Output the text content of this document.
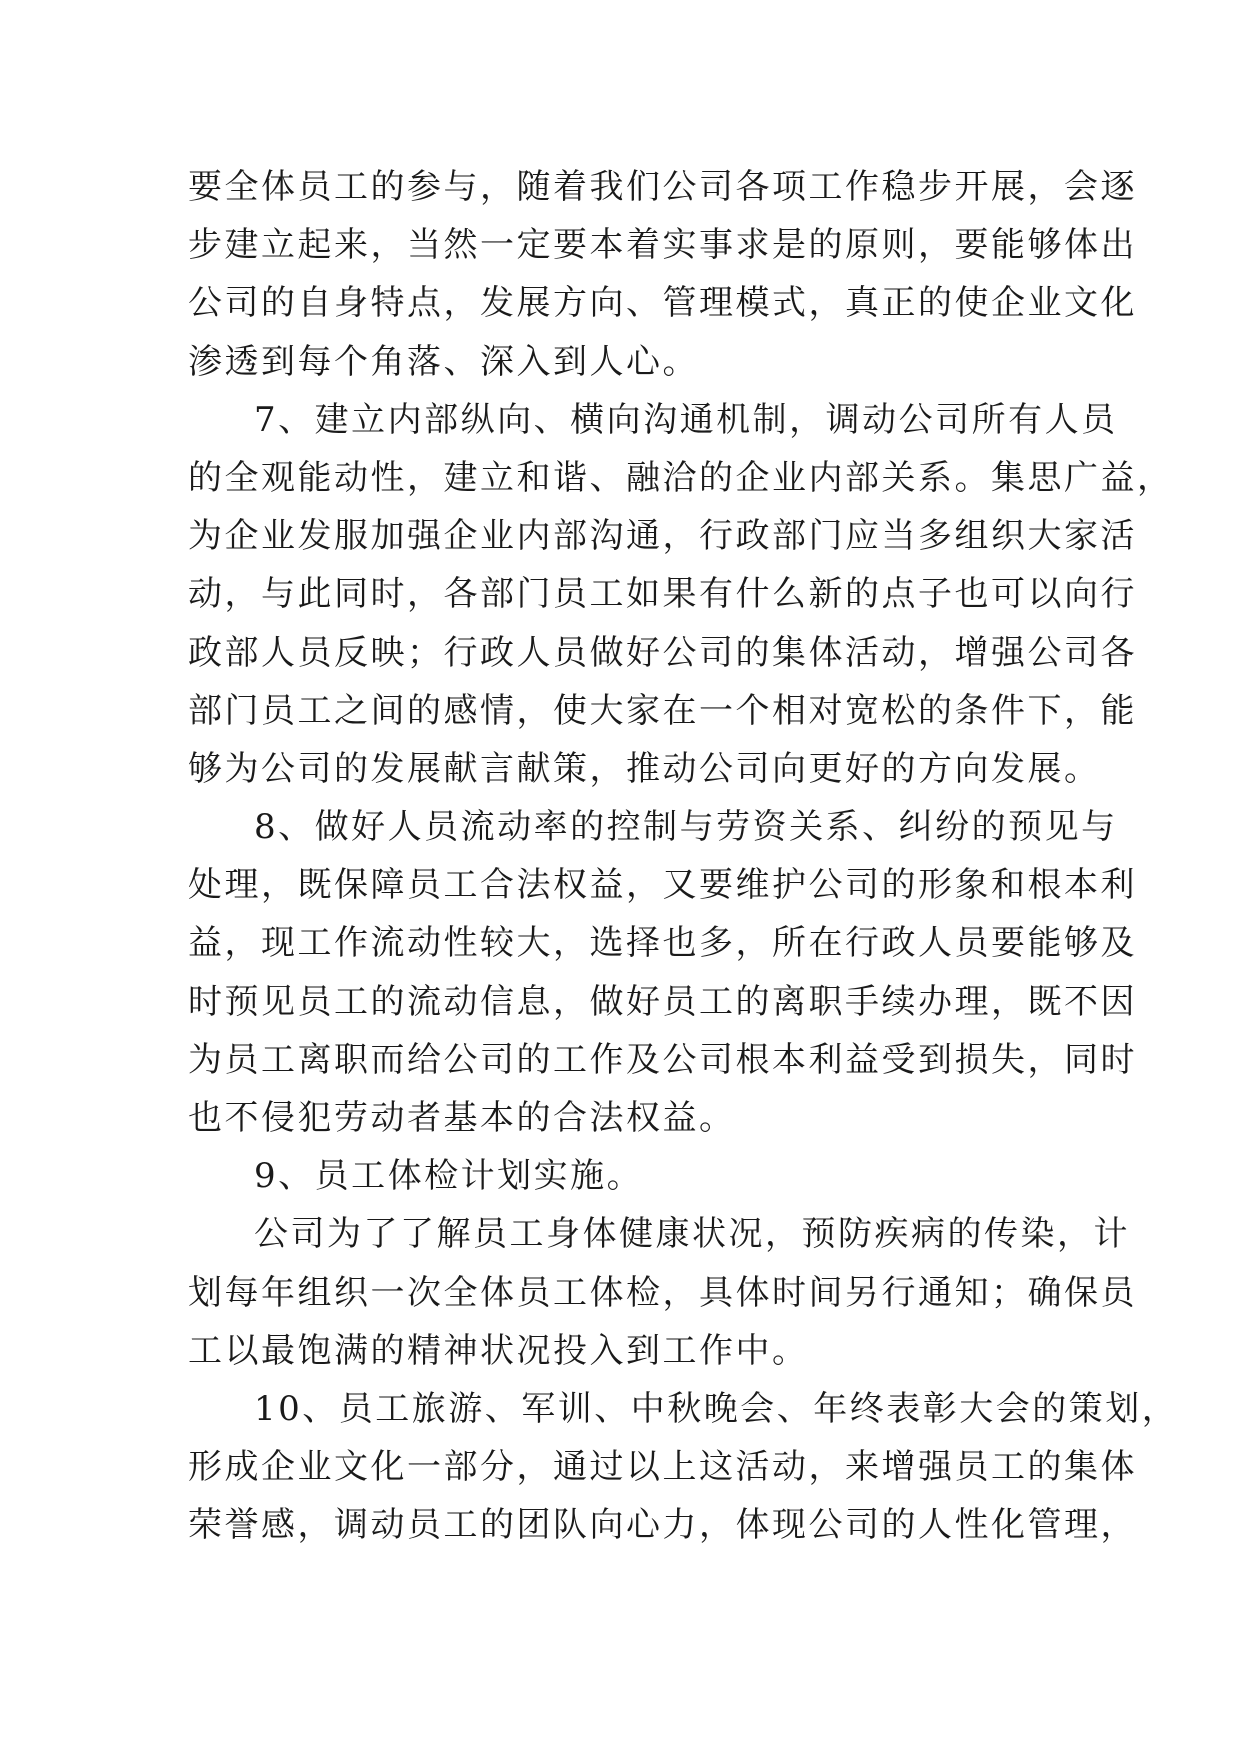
要全体员工的参与，随着我们公司各项工作稳步开展，会逐
步建立起来，当然一定要本着实事求是的原则，要能够体出
公司的自身特点，发展方向、管理模式，真正的使企业文化
渗透到每个角落、深入到人心。
7、建立内部纵向、横向沟通机制，调动公司所有人员
的全观能动性，建立和谐、融洽的企业内部关系。集思广益，
为企业发服加强企业内部沟通，行政部门应当多组织大家活
动，与此同时，各部门员工如果有什么新的点子也可以向行
政部人员反映；行政人员做好公司的集体活动，增强公司各
部门员工之间的感情，使大家在一个相对宽松的条件下，能
够为公司的发展献言献策，推动公司向更好的方向发展。
8、做好人员流动率的控制与劳资关系、纠纷的预见与
处理，既保障员工合法权益，又要维护公司的形象和根本利
益，现工作流动性较大，选择也多，所在行政人员要能够及
时预见员工的流动信息，做好员工的离职手续办理，既不因
为员工离职而给公司的工作及公司根本利益受到损失，同时
也不侵犯劳动者基本的合法权益。
9、员工体检计划实施。
公司为了了解员工身体健康状况，预防疾病的传染，计
划每年组织一次全体员工体检，具体时间另行通知；确保员
工以最饱满的精神状况投入到工作中。
10、员工旅游、军训、中秋晚会、年终表彰大会的策划，
形成企业文化一部分，通过以上这活动，来增强员工的集体
荣誉感，调动员工的团队向心力，体现公司的人性化管理，
